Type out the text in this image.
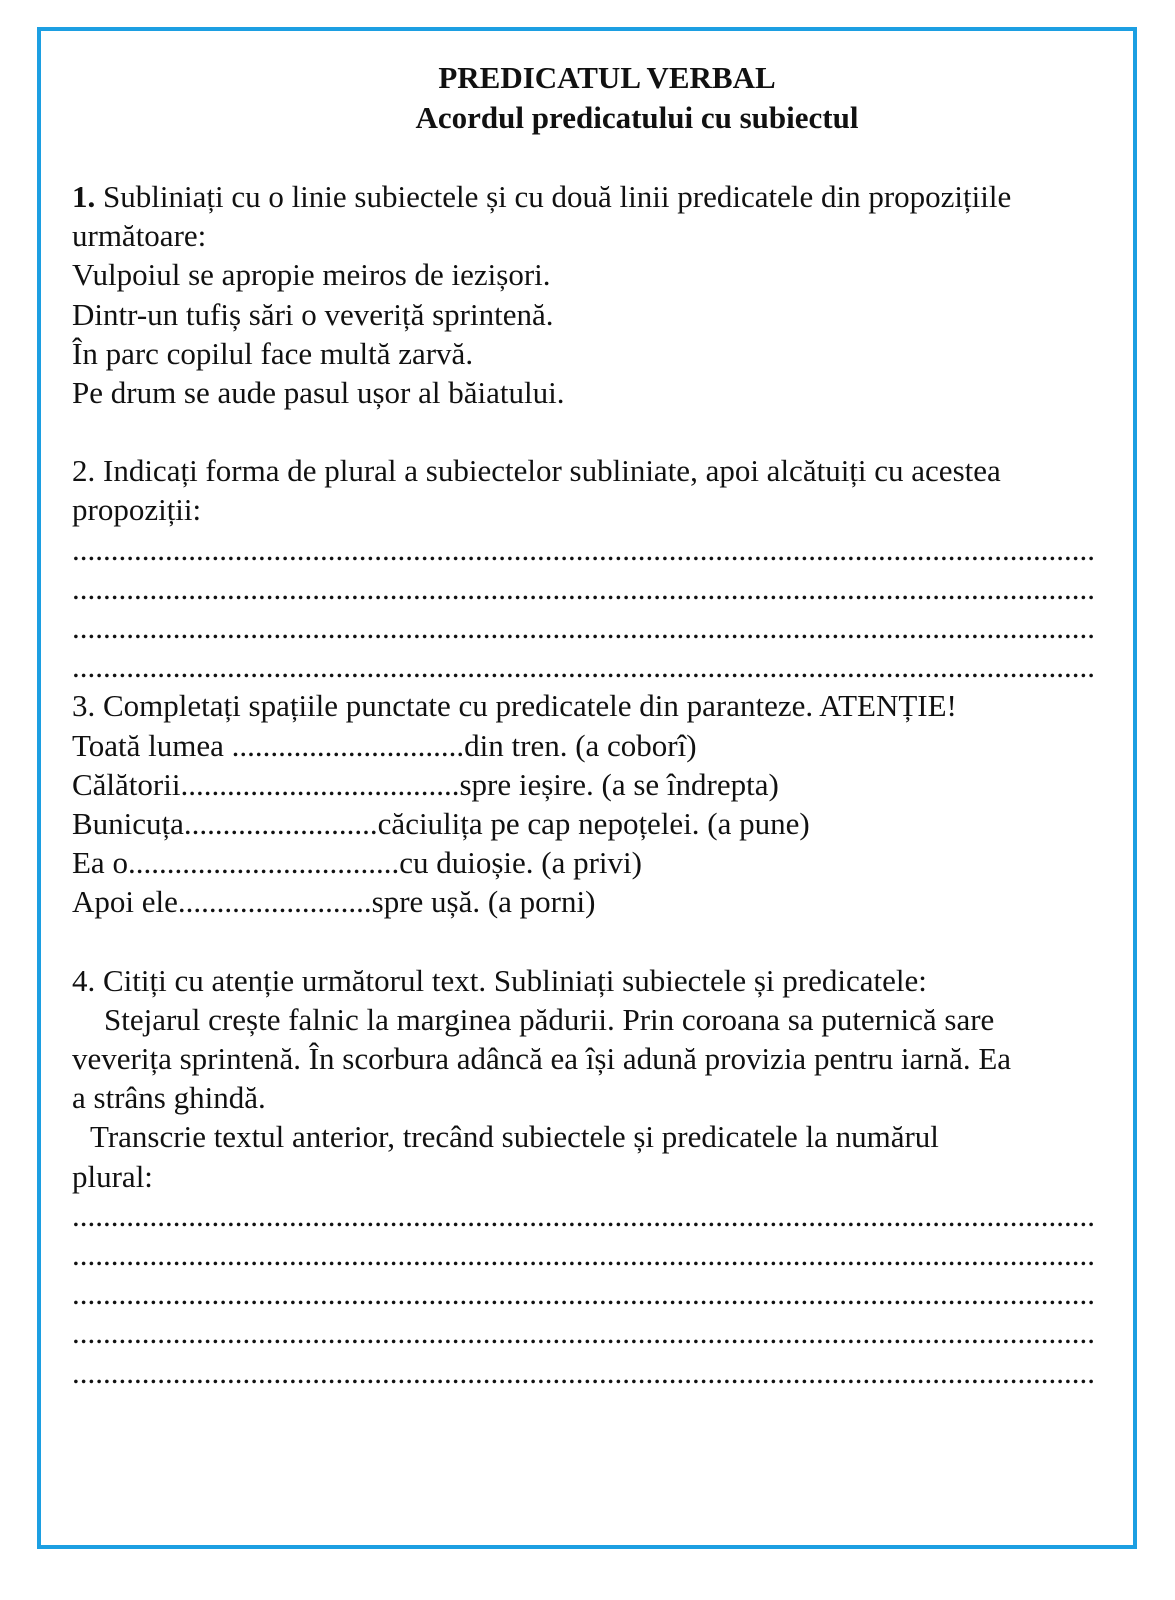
PREDICATUL VERBAL
Acordul predicatului cu subiectul

1. Subliniați cu o linie subiectele și cu două linii predicatele din propozițiile

următoare:

Vulpoiul se apropie meiros de iezișori.

Dintr-un tufiș sări o veveriță sprintenă.

În parc copilul face multă zarvă.

Pe drum se aude pasul ușor al băiatului.

2. Indicați forma de plural a subiectelor subliniate, apoi alcătuiți cu acestea

propoziții:

....................................................................................................................................

....................................................................................................................................

....................................................................................................................................

....................................................................................................................................

3. Completați spațiile punctate cu predicatele din paranteze. ATENȚIE!

Toată lumea ..............................din tren. (a coborî)

Călătorii....................................spre ieșire. (a se îndrepta)

Bunicuța.........................căciulița pe cap nepoțelei. (a pune)

Ea o...................................cu duioșie. (a privi)

Apoi ele.........................spre ușă. (a porni)

4. Citiți cu atenție următorul text. Subliniați subiectele și predicatele:

Stejarul crește falnic la marginea pădurii. Prin coroana sa puternică sare

veverița sprintenă. În scorbura adâncă ea își adună provizia pentru iarnă. Ea

a strâns ghindă.

Transcrie textul anterior, trecând subiectele și predicatele la numărul

plural:

....................................................................................................................................

....................................................................................................................................

....................................................................................................................................

....................................................................................................................................

....................................................................................................................................
